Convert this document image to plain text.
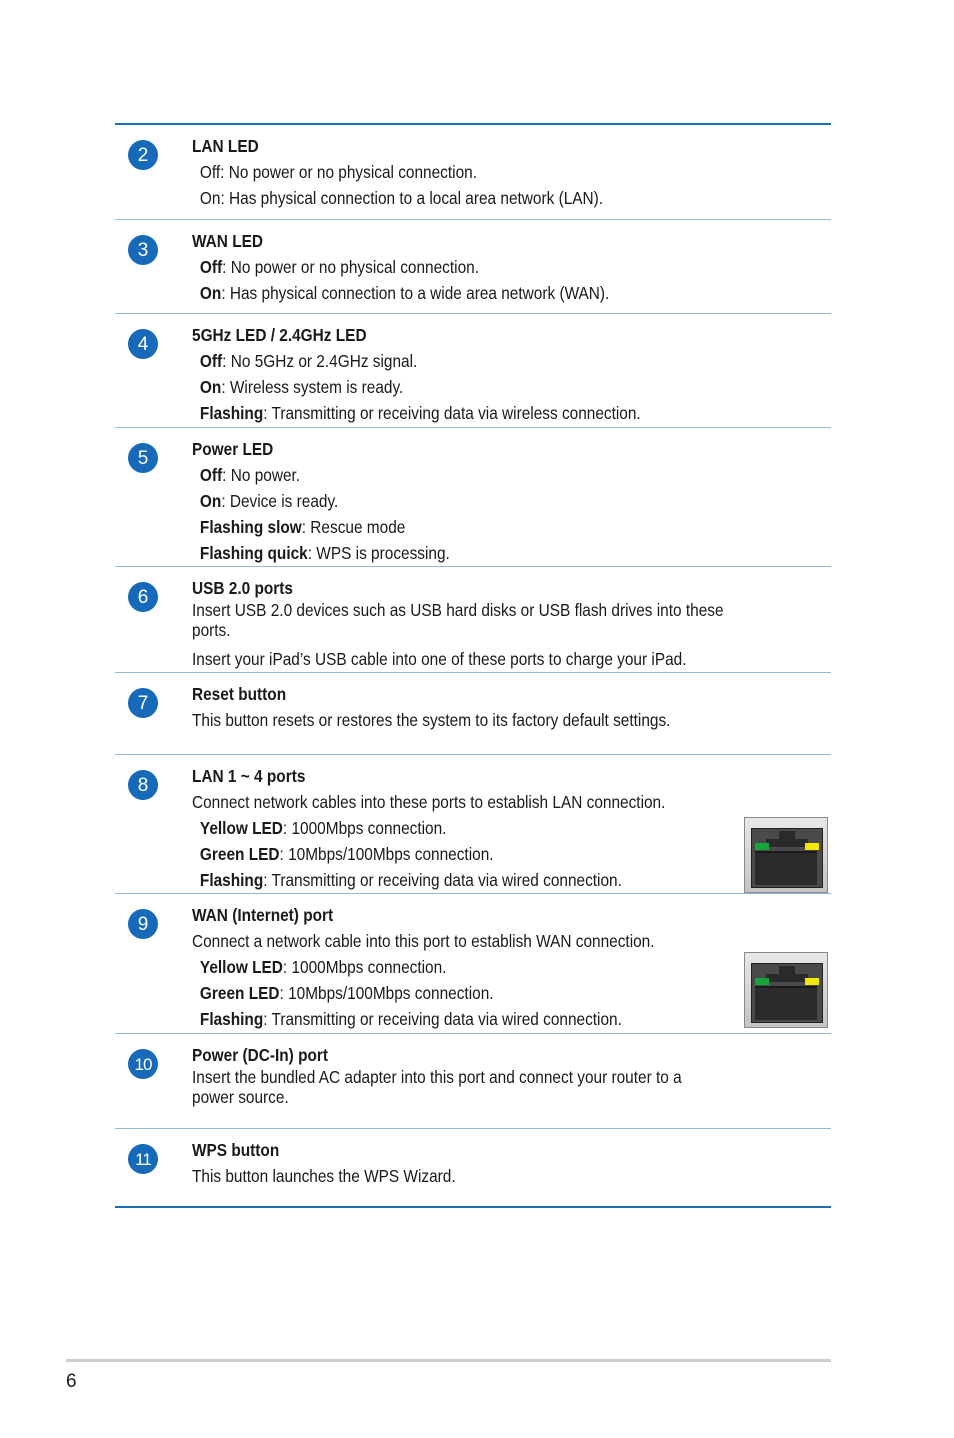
2	LAN LED
Off: No power or no physical connection.
On: Has physical connection to a local area network (LAN).
3	WAN LED
Off: No power or no physical connection.
On: Has physical connection to a wide area network (WAN).
4	5GHz LED / 2.4GHz LED
Off: No 5GHz or 2.4GHz signal.
On: Wireless system is ready.
Flashing: Transmitting or receiving data via wireless connection.
5	Power LED
Off: No power.
On: Device is ready.
Flashing slow: Rescue mode
Flashing quick: WPS is processing.
6	USB 2.0 ports
Insert USB 2.0 devices such as USB hard disks or USB flash drives into these
ports.
Insert your iPad’s USB cable into one of these ports to charge your iPad.
7	Reset button
This button resets or restores the system to its factory default settings.
8	LAN 1 ~ 4 ports
Connect network cables into these ports to establish LAN connection.
Yellow LED: 1000Mbps connection.
Green LED: 10Mbps/100Mbps connection.
Flashing: Transmitting or receiving data via wired connection.
9	WAN (Internet) port
Connect a network cable into this port to establish WAN connection.
Yellow LED: 1000Mbps connection.
Green LED: 10Mbps/100Mbps connection.
Flashing: Transmitting or receiving data via wired connection.
10	Power (DC-In) port
Insert the bundled AC adapter into this port and connect your router to a
power source.
11	WPS button
This button launches the WPS Wizard.
6
